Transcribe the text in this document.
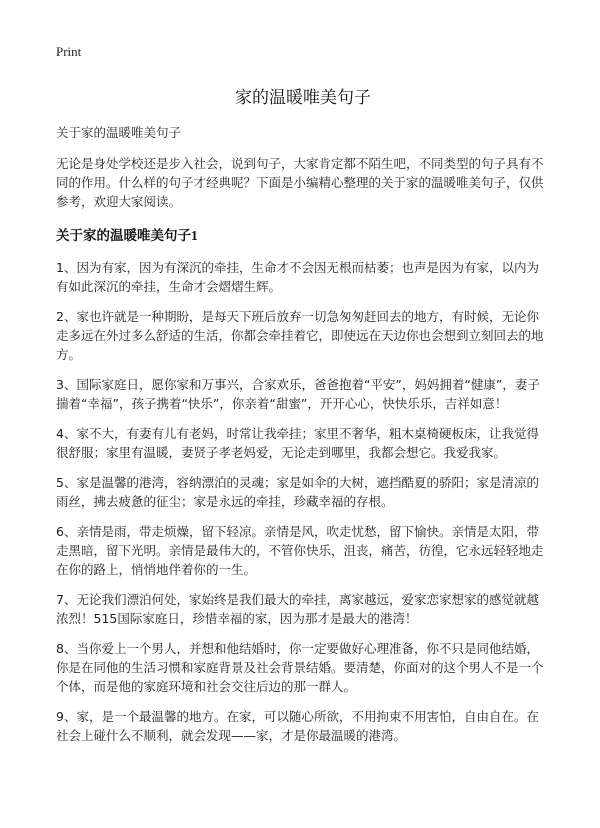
Print

家的温暖唯美句子

关于家的温暖唯美句子

无论是身处学校还是步入社会，说到句子，大家肯定都不陌生吧，不同类型的句子具有不同的作用。什么样的句子才经典呢？下面是小编精心整理的关于家的温暖唯美句子，仅供参考，欢迎大家阅读。

关于家的温暖唯美句子1

1、因为有家，因为有深沉的牵挂，生命才不会因无根而枯萎；也声是因为有家，以内为有如此深沉的牵挂，生命才会熠熠生辉。

2、家也许就是一种期盼，是每天下班后放弃一切急匆匆赶回去的地方，有时候，无论你走多远在外过多么舒适的生活，你都会牵挂着它，即使远在天边你也会想到立刻回去的地方。

3、国际家庭日，愿你家和万事兴，合家欢乐，爸爸抱着“平安”，妈妈拥着“健康”，妻子揣着“幸福”，孩子携着“快乐”，你亲着“甜蜜”，开开心心，快快乐乐，吉祥如意！

4、家不大，有妻有儿有老妈，时常让我牵挂；家里不奢华，粗木桌椅硬板床，让我觉得很舒服；家里有温暖，妻贤子孝老妈爱，无论走到哪里，我都会想它。我爱我家。

5、家是温馨的港湾，容纳漂泊的灵魂；家是如伞的大树，遮挡酷夏的骄阳；家是清凉的雨丝，拂去疲惫的征尘；家是永远的牵挂，珍藏幸福的存根。

6、亲情是雨，带走烦燥，留下轻凉。亲情是风，吹走忧愁，留下愉快。亲情是太阳，带走黑暗，留下光明。亲情是最伟大的，不管你快乐，沮丧，痛苦，彷徨，它永远轻轻地走在你的路上，悄悄地伴着你的一生。

7、无论我们漂泊何处，家始终是我们最大的牵挂，离家越远，爱家恋家想家的感觉就越浓烈！515国际家庭日，珍惜幸福的家，因为那才是最大的港湾！

8、当你爱上一个男人，并想和他结婚时，你一定要做好心理准备，你不只是同他结婚，你是在同他的生活习惯和家庭背景及社会背景结婚。要清楚，你面对的这个男人不是一个个体，而是他的家庭环境和社会交往后边的那一群人。

9、家，是一个最温馨的地方。在家，可以随心所欲，不用拘束不用害怕，自由自在。在社会上碰什么不顺利，就会发现——家，才是你最温暖的港湾。
